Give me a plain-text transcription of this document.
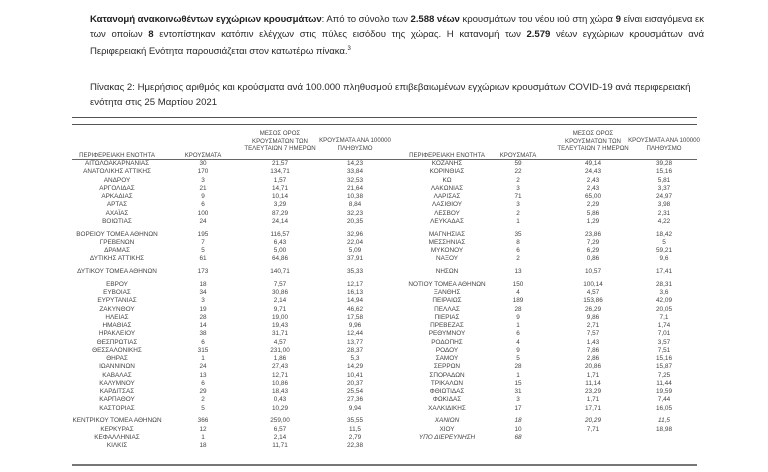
Κατανομή ανακοινωθέντων εγχώριων κρουσμάτων: Από το σύνολο των 2.588 νέων κρουσμάτων του νέου ιού στη χώρα 9 είναι εισαγόμενα εκ των οποίων 8 εντοπίστηκαν κατόπιν ελέγχων στις πύλες εισόδου της χώρας. Η κατανομή των 2.579 νέων εγχώριων κρουσμάτων ανά Περιφερειακή Ενότητα παρουσιάζεται στον κατωτέρω πίνακα.$^3$
Πίνακας 2: Ημερήσιος αριθμός και κρούσματα ανά 100.000 πληθυσμού επιβεβαιωμένων εγχώριων κρουσμάτων COVID-19 ανά περιφερειακή ενότητα στις 25 Μαρτίου 2021
ΠΕΡΙΦΕΡΕΙΑΚΗ ΕΝΟΤΗΤΑ	ΚΡΟΥΣΜΑΤΑ
ΜΕΣΟΣ ΟΡΟΣ
ΚΡΟΥΣΜΑΤΩΝ ΤΩΝ
ΤΕΛΕΥΤΑΙΩΝ 7 ΗΜΕΡΩΝ
ΚΡΟΥΣΜΑΤΑ ΑΝΑ 100000
ΠΛΗΘΥΣΜΟ
ΠΕΡΙΦΕΡΕΙΑΚΗ ΕΝΟΤΗΤΑ	ΚΡΟΥΣΜΑΤΑ
ΜΕΣΟΣ ΟΡΟΣ
ΚΡΟΥΣΜΑΤΩΝ ΤΩΝ
ΤΕΛΕΥΤΑΙΩΝ 7 ΗΜΕΡΩΝ
ΚΡΟΥΣΜΑΤΑ ΑΝΑ 100000
ΠΛΗΘΥΣΜΟ
ΑΙΤΩΛΟΑΚΑΡΝΑΝΙΑΣ	30	21,57	14,23
ΑΝΑΤΟΛΙΚΗΣ ΑΤΤΙΚΗΣ	170	134,71	33,84
ΑΝΔΡΟΥ	3	1,57	32,53
ΑΡΓΟΛΙΔΑΣ	21	14,71	21,64
ΑΡΚΑΔΙΑΣ	9	10,14	10,38
ΑΡΤΑΣ	6	3,29	8,84
ΑΧΑΪΑΣ	100	87,29	32,23
ΒΟΙΩΤΙΑΣ	24	24,14	20,35
ΒΟΡΕΙΟΥ ΤΟΜΕΑ ΑΘΗΝΩΝ	195	116,57	32,96
ΓΡΕΒΕΝΩΝ	7	6,43	22,04
ΔΡΑΜΑΣ	5	5,00	5,09
ΔΥΤΙΚΗΣ ΑΤΤΙΚΗΣ	61	64,86	37,91
ΔΥΤΙΚΟΥ ΤΟΜΕΑ ΑΘΗΝΩΝ	173	140,71	35,33
ΕΒΡΟΥ	18	7,57	12,17
ΕΥΒΟΙΑΣ	34	30,86	16,13
ΕΥΡΥΤΑΝΙΑΣ	3	2,14	14,94
ΖΑΚΥΝΘΟΥ	19	9,71	46,62
ΗΛΕΙΑΣ	28	19,00	17,58
ΗΜΑΘΙΑΣ	14	19,43	9,96
ΗΡΑΚΛΕΙΟΥ	38	31,71	12,44
ΘΕΣΠΡΩΤΙΑΣ	6	4,57	13,77
ΘΕΣΣΑΛΟΝΙΚΗΣ	315	231,00	28,37
ΘΗΡΑΣ	1	1,86	5,3
ΙΩΑΝΝΙΝΩΝ	24	27,43	14,29
ΚΑΒΑΛΑΣ	13	12,71	10,41
ΚΑΛΥΜΝΟΥ	6	10,86	20,37
ΚΑΡΔΙΤΣΑΣ	29	18,43	25,54
ΚΑΡΠΑΘΟΥ	2	0,43	27,36
ΚΑΣΤΟΡΙΑΣ	5	10,29	9,94
ΚΕΝΤΡΙΚΟΥ ΤΟΜΕΑ ΑΘΗΝΩΝ	366	259,00	35,55
ΚΕΡΚΥΡΑΣ	12	6,57	11,5
ΚΕΦΑΛΛΗΝΙΑΣ	1	2,14	2,79
ΚΙΛΚΙΣ	18	11,71	22,38
ΚΟΖΑΝΗΣ	59	49,14	39,28
ΚΟΡΙΝΘΙΑΣ	22	24,43	15,16
ΚΩ	2	2,43	5,81
ΛΑΚΩΝΙΑΣ	3	2,43	3,37
ΛΑΡΙΣΑΣ	71	65,00	24,97
ΛΑΣΙΘΙΟΥ	3	2,29	3,98
ΛΕΣΒΟΥ	2	5,86	2,31
ΛΕΥΚΑΔΑΣ	1	1,29	4,22
ΜΑΓΝΗΣΙΑΣ	35	23,86	18,42
ΜΕΣΣΗΝΙΑΣ	8	7,29	5
ΜΥΚΟΝΟΥ	6	6,29	59,21
ΝΑΞΟΥ	2	0,86	9,6
ΝΗΣΩΝ	13	10,57	17,41
ΝΟΤΙΟΥ ΤΟΜΕΑ ΑΘΗΝΩΝ	150	100,14	28,31
ΞΑΝΘΗΣ	4	4,57	3,6
ΠΕΙΡΑΙΩΣ	189	153,86	42,09
ΠΕΛΛΑΣ	28	26,29	20,05
ΠΙΕΡΙΑΣ	9	9,86	7,1
ΠΡΕΒΕΖΑΣ	1	2,71	1,74
ΡΕΘΥΜΝΟΥ	6	7,57	7,01
ΡΟΔΟΠΗΣ	4	1,43	3,57
ΡΟΔΟΥ	9	7,86	7,51
ΣΑΜΟΥ	5	2,86	15,16
ΣΕΡΡΩΝ	28	20,86	15,87
ΣΠΟΡΑΔΩΝ	1	1,71	7,25
ΤΡΙΚΑΛΩΝ	15	11,14	11,44
ΦΘΙΩΤΙΔΑΣ	31	23,29	19,59
ΦΩΚΙΔΑΣ	3	1,71	7,44
ΧΑΛΚΙΔΙΚΗΣ	17	17,71	16,05
ΧΑΝΙΩΝ	18	20,29	11,5
ΧΙΟΥ	10	7,71	18,98
ΥΠΟ ΔΙΕΡΕΥΝΗΣΗ	68
